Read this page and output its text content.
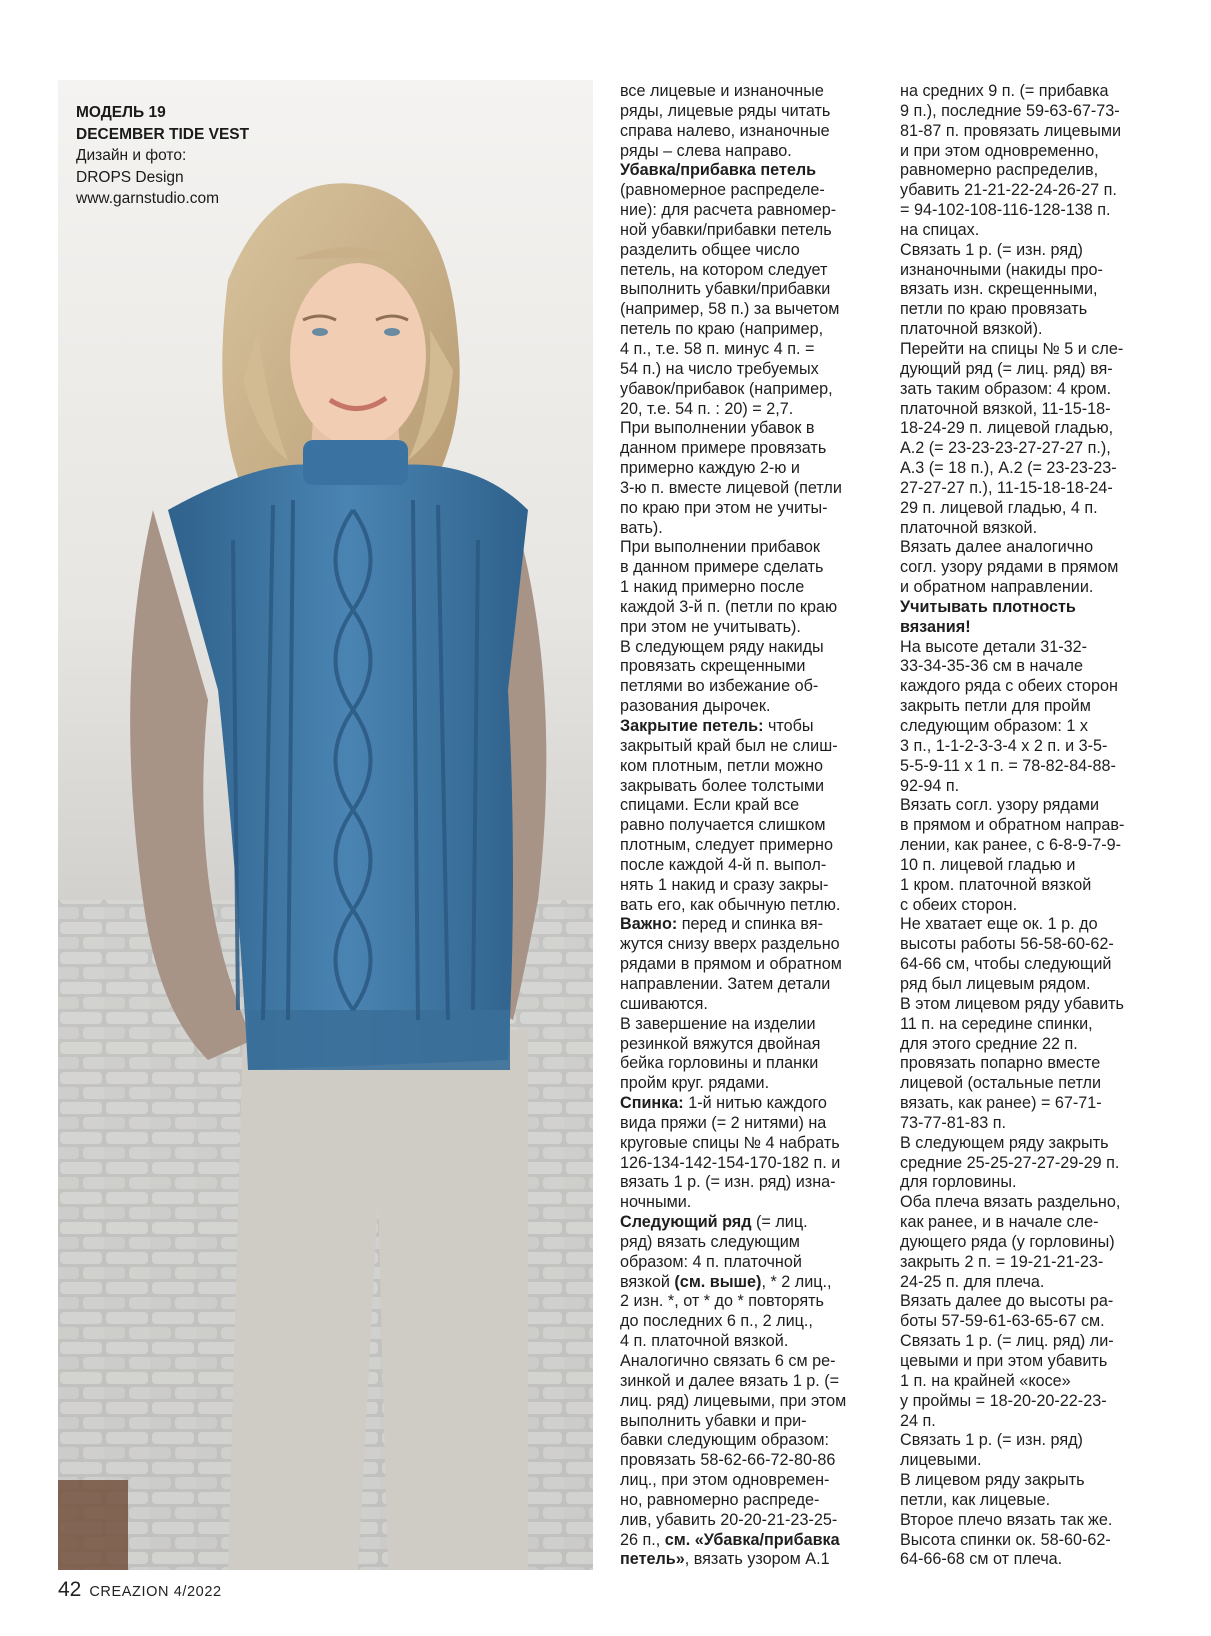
МОДЕЛЬ 19
DECEMBER TIDE VEST
Дизайн и фото:
DROPS Design
www.garnstudio.com
все лицевые и изнаночные
ряды, лицевые ряды читать
справа налево, изнаночные
ряды – слева направо.
Убавка/прибавка петель
(равномерное распределе-
ние): для расчета равномер-
ной убавки/прибавки петель
разделить общее число
петель, на котором следует
выполнить убавки/прибавки
(например, 58 п.) за вычетом
петель по краю (например,
4 п., т.е. 58 п. минус 4 п. =
54 п.) на число требуемых
убавок/прибавок (например,
20, т.е. 54 п. : 20) = 2,7.
При выполнении убавок в
данном примере провязать
примерно каждую 2-ю и
3-ю п. вместе лицевой (петли
по краю при этом не учиты-
вать).
При выполнении прибавок
в данном примере сделать
1 накид примерно после
каждой 3-й п. (петли по краю
при этом не учитывать).
В следующем ряду накиды
провязать скрещенными
петлями во избежание об-
разования дырочек.
Закрытие петель: чтобы
закрытый край был не слиш-
ком плотным, петли можно
закрывать более толстыми
спицами. Если край все
равно получается слишком
плотным, следует примерно
после каждой 4-й п. выпол-
нять 1 накид и сразу закры-
вать его, как обычную петлю.
Важно: перед и спинка вя-
жутся снизу вверх раздельно
рядами в прямом и обратном
направлении. Затем детали
сшиваются.
В завершение на изделии
резинкой вяжутся двойная
бейка горловины и планки
пройм круг. рядами.
Спинка: 1-й нитью каждого
вида пряжи (= 2 нитями) на
круговые спицы № 4 набрать
126-134-142-154-170-182 п. и
вязать 1 р. (= изн. ряд) изна-
ночными.
Следующий ряд (= лиц.
ряд) вязать следующим
образом: 4 п. платочной
вязкой (см. выше), * 2 лиц.,
2 изн. *, от * до * повторять
до последних 6 п., 2 лиц.,
4 п. платочной вязкой.
Аналогично связать 6 см ре-
зинкой и далее вязать 1 р. (=
лиц. ряд) лицевыми, при этом
выполнить убавки и при-
бавки следующим образом:
провязать 58-62-66-72-80-86
лиц., при этом одновремен-
но, равномерно распреде-
лив, убавить 20-20-21-23-25-
26 п., см. «Убавка/прибавка
петель», вязать узором А.1
на средних 9 п. (= прибавка
9 п.), последние 59-63-67-73-
81-87 п. провязать лицевыми
и при этом одновременно,
равномерно распределив,
убавить 21-21-22-24-26-27 п.
= 94-102-108-116-128-138 п.
на спицах.
Связать 1 р. (= изн. ряд)
изнаночными (накиды про-
вязать изн. скрещенными,
петли по краю провязать
платочной вязкой).
Перейти на спицы № 5 и сле-
дующий ряд (= лиц. ряд) вя-
зать таким образом: 4 кром.
платочной вязкой, 11-15-18-
18-24-29 п. лицевой гладью,
А.2 (= 23-23-23-27-27-27 п.),
А.3 (= 18 п.), А.2 (= 23-23-23-
27-27-27 п.), 11-15-18-18-24-
29 п. лицевой гладью, 4 п.
платочной вязкой.
Вязать далее аналогично
согл. узору рядами в прямом
и обратном направлении.
Учитывать плотность
вязания!
На высоте детали 31-32-
33-34-35-36 см в начале
каждого ряда с обеих сторон
закрыть петли для пройм
следующим образом: 1 х
3 п., 1-1-2-3-3-4 х 2 п. и 3-5-
5-5-9-11 х 1 п. = 78-82-84-88-
92-94 п.
Вязать согл. узору рядами
в прямом и обратном направ-
лении, как ранее, с 6-8-9-7-9-
10 п. лицевой гладью и
1 кром. платочной вязкой
с обеих сторон.
Не хватает еще ок. 1 р. до
высоты работы 56-58-60-62-
64-66 см, чтобы следующий
ряд был лицевым рядом.
В этом лицевом ряду убавить
11 п. на середине спинки,
для этого средние 22 п.
провязать попарно вместе
лицевой (остальные петли
вязать, как ранее) = 67-71-
73-77-81-83 п.
В следующем ряду закрыть
средние 25-25-27-27-29-29 п.
для горловины.
Оба плеча вязать раздельно,
как ранее, и в начале сле-
дующего ряда (у горловины)
закрыть 2 п. = 19-21-21-23-
24-25 п. для плеча.
Вязать далее до высоты ра-
боты 57-59-61-63-65-67 см.
Связать 1 р. (= лиц. ряд) ли-
цевыми и при этом убавить
1 п. на крайней «косе»
у проймы = 18-20-20-22-23-
24 п.
Связать 1 р. (= изн. ряд)
лицевыми.
В лицевом ряду закрыть
петли, как лицевые.
Второе плечо вязать так же.
Высота спинки ок. 58-60-62-
64-66-68 см от плеча.
42 CREAZION 4/2022
